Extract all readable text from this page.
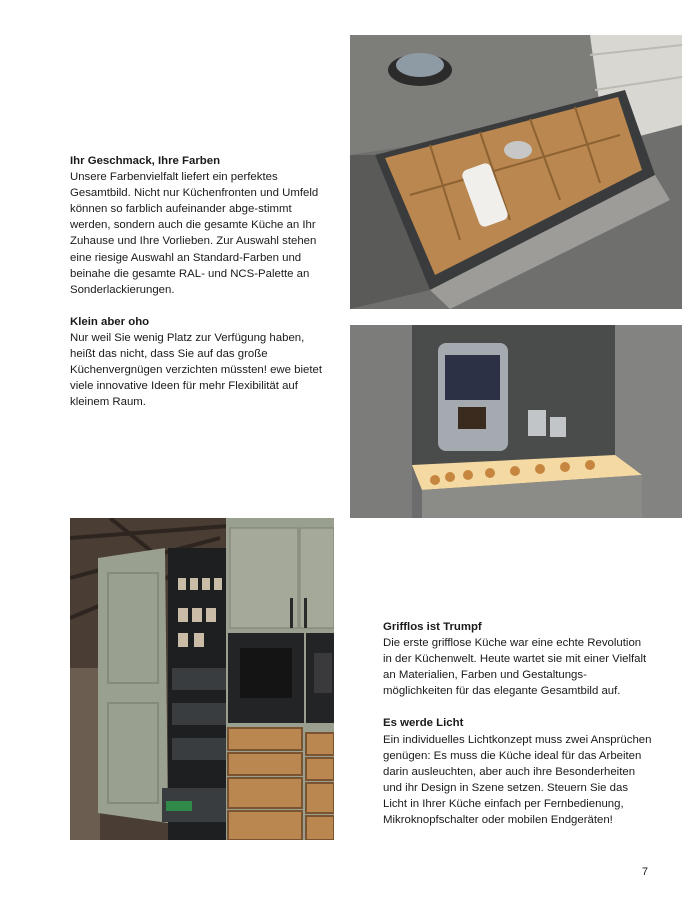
Ihr Geschmack, Ihre Farben

Unsere Farbenvielfalt liefert ein perfektes Gesamtbild. Nicht nur Küchenfronten und Umfeld können so farblich aufeinander abge-stimmt werden, sondern auch die gesamte Küche an Ihr Zuhause und Ihre Vorlieben. Zur Auswahl stehen eine riesige Auswahl an Standard-Farben und beinahe die gesamte RAL- und NCS-Palette an Sonderlackierungen.

Klein aber oho

Nur weil Sie wenig Platz zur Verfügung haben, heißt das nicht, dass Sie auf das große Küchenvergnügen verzichten müssten! ewe bietet viele innovative Ideen für mehr Flexibilität auf kleinem Raum.

Grifflos ist Trumpf

Die erste grifflose Küche war eine echte Revolution in der Küchenwelt. Heute wartet sie mit einer Vielfalt an Materialien, Farben und Gestaltungs-möglichkeiten für das elegante Gesamtbild auf.

Es werde Licht

Ein individuelles Lichtkonzept muss zwei Ansprüchen genügen: Es muss die Küche ideal für das Arbeiten darin ausleuchten, aber auch ihre Besonderheiten und ihr Design in Szene setzen. Steuern Sie das Licht in Ihrer Küche einfach per Fernbedienung, Mikroknopfschalter oder mobilen Endgeräten!

7
